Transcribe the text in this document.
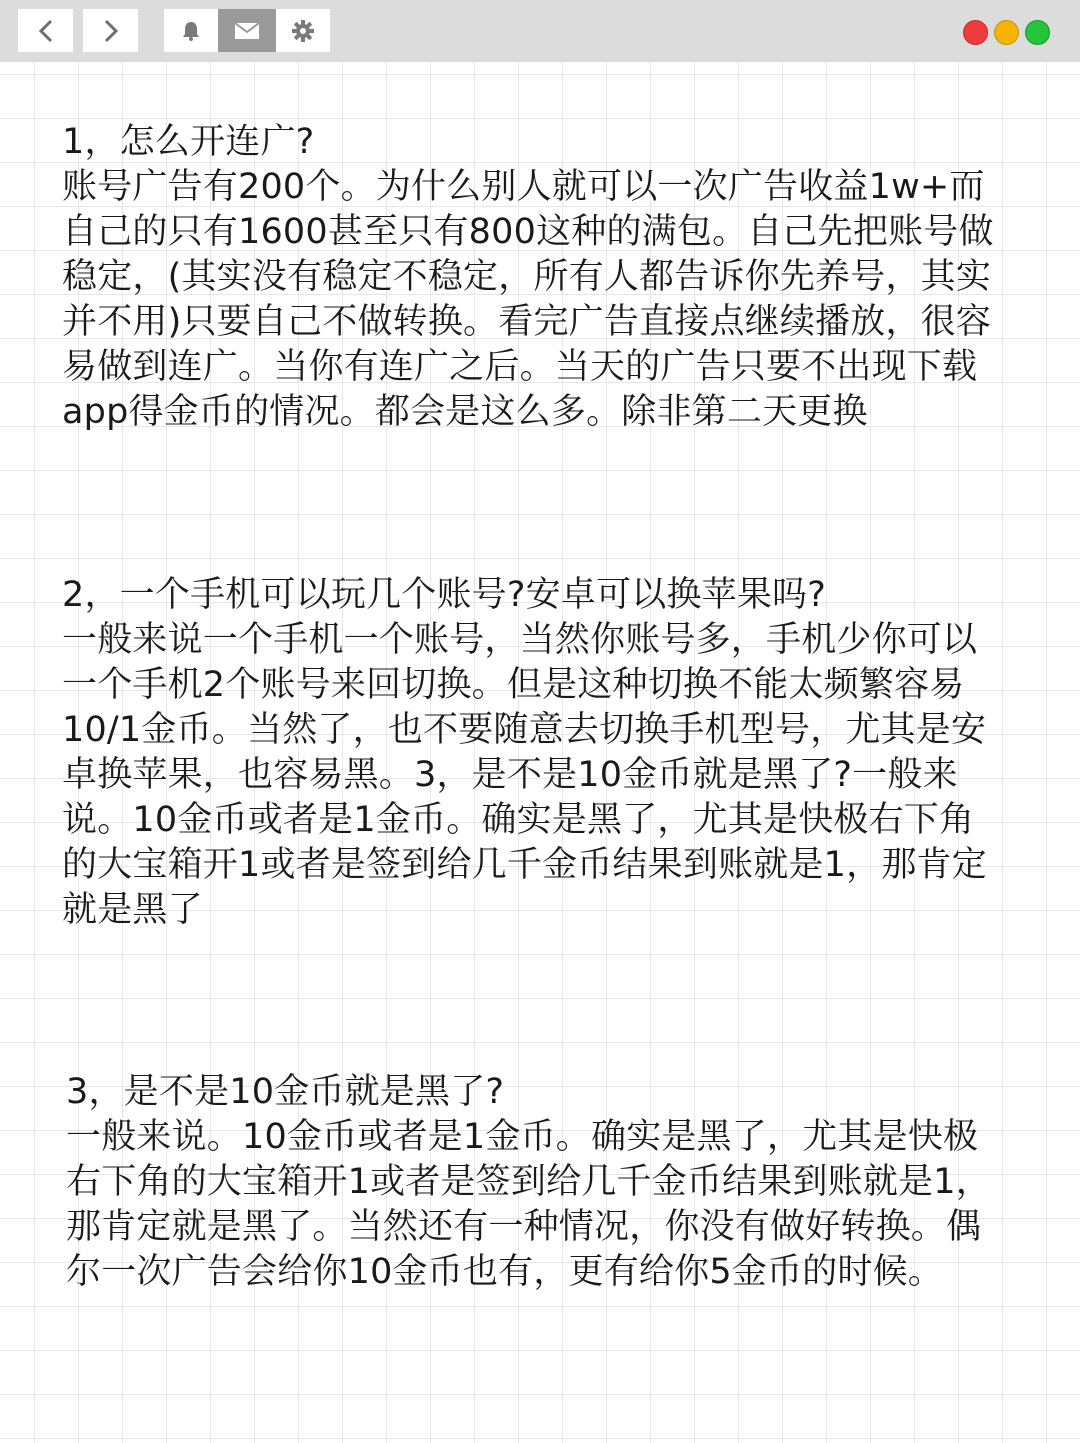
1，怎么开连广?

账号广告有200个。为什么别人就可以一次广告收益1w+而自己的只有1600甚至只有800这种的满包。自己先把账号做稳定，(其实没有稳定不稳定，所有人都告诉你先养号，其实并不用)只要自己不做转换。看完广告直接点继续播放，很容易做到连广。当你有连广之后。当天的广告只要不出现下载app得金币的情况。都会是这么多。除非第二天更换

2，一个手机可以玩几个账号?安卓可以换苹果吗?

一般来说一个手机一个账号，当然你账号多，手机少你可以一个手机2个账号来回切换。但是这种切换不能太频繁容易10/1金币。当然了，也不要随意去切换手机型号，尤其是安卓换苹果，也容易黑。3，是不是10金币就是黑了?一般来说。10金币或者是1金币。确实是黑了，尤其是快极右下角的大宝箱开1或者是签到给几千金币结果到账就是1，那肯定就是黑了

3，是不是10金币就是黑了?

一般来说。10金币或者是1金币。确实是黑了，尤其是快极右下角的大宝箱开1或者是签到给几千金币结果到账就是1，那肯定就是黑了。当然还有一种情况，你没有做好转换。偶尔一次广告会给你10金币也有，更有给你5金币的时候。
